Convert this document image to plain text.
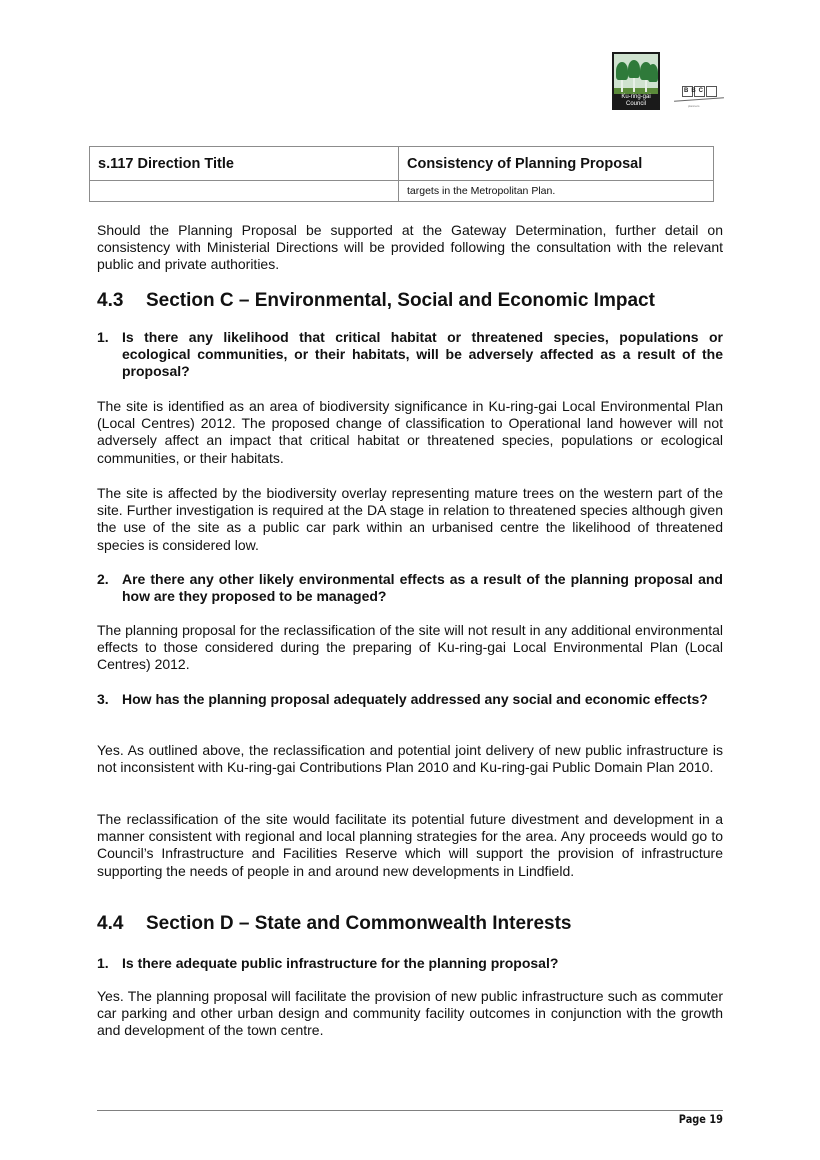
Ku-ring-gai Council
BBC
planners
s.117 Direction Title	Consistency of Planning Proposal
	targets in the Metropolitan Plan.

Should the Planning Proposal be supported at the Gateway Determination, further detail on consistency with Ministerial Directions will be provided following the consultation with the relevant public and private authorities.

4.3 Section C – Environmental, Social and Economic Impact
1. Is there any likelihood that critical habitat or threatened species, populations or ecological communities, or their habitats, will be adversely affected as a result of the proposal?

The site is identified as an area of biodiversity significance in Ku-ring-gai Local Environmental Plan (Local Centres) 2012. The proposed change of classification to Operational land however will not adversely affect an impact that critical habitat or threatened species, populations or ecological communities, or their habitats.

The site is affected by the biodiversity overlay representing mature trees on the western part of the site. Further investigation is required at the DA stage in relation to threatened species although given the use of the site as a public car park within an urbanised centre the likelihood of threatened species is considered low.

2. Are there any other likely environmental effects as a result of the planning proposal and how are they proposed to be managed?

The planning proposal for the reclassification of the site will not result in any additional environmental effects to those considered during the preparing of Ku-ring-gai Local Environmental Plan (Local Centres) 2012.

3. How has the planning proposal adequately addressed any social and economic effects?

Yes. As outlined above, the reclassification and potential joint delivery of new public infrastructure is not inconsistent with Ku-ring-gai Contributions Plan 2010 and Ku-ring-gai Public Domain Plan 2010.

The reclassification of the site would facilitate its potential future divestment and development in a manner consistent with regional and local planning strategies for the area. Any proceeds would go to Council’s Infrastructure and Facilities Reserve which will support the provision of infrastructure supporting the needs of people in and around new developments in Lindfield.

4.4 Section D – State and Commonwealth Interests
1. Is there adequate public infrastructure for the planning proposal?

Yes. The planning proposal will facilitate the provision of new public infrastructure such as commuter car parking and other urban design and community facility outcomes in conjunction with the growth and development of the town centre.

Page 19
